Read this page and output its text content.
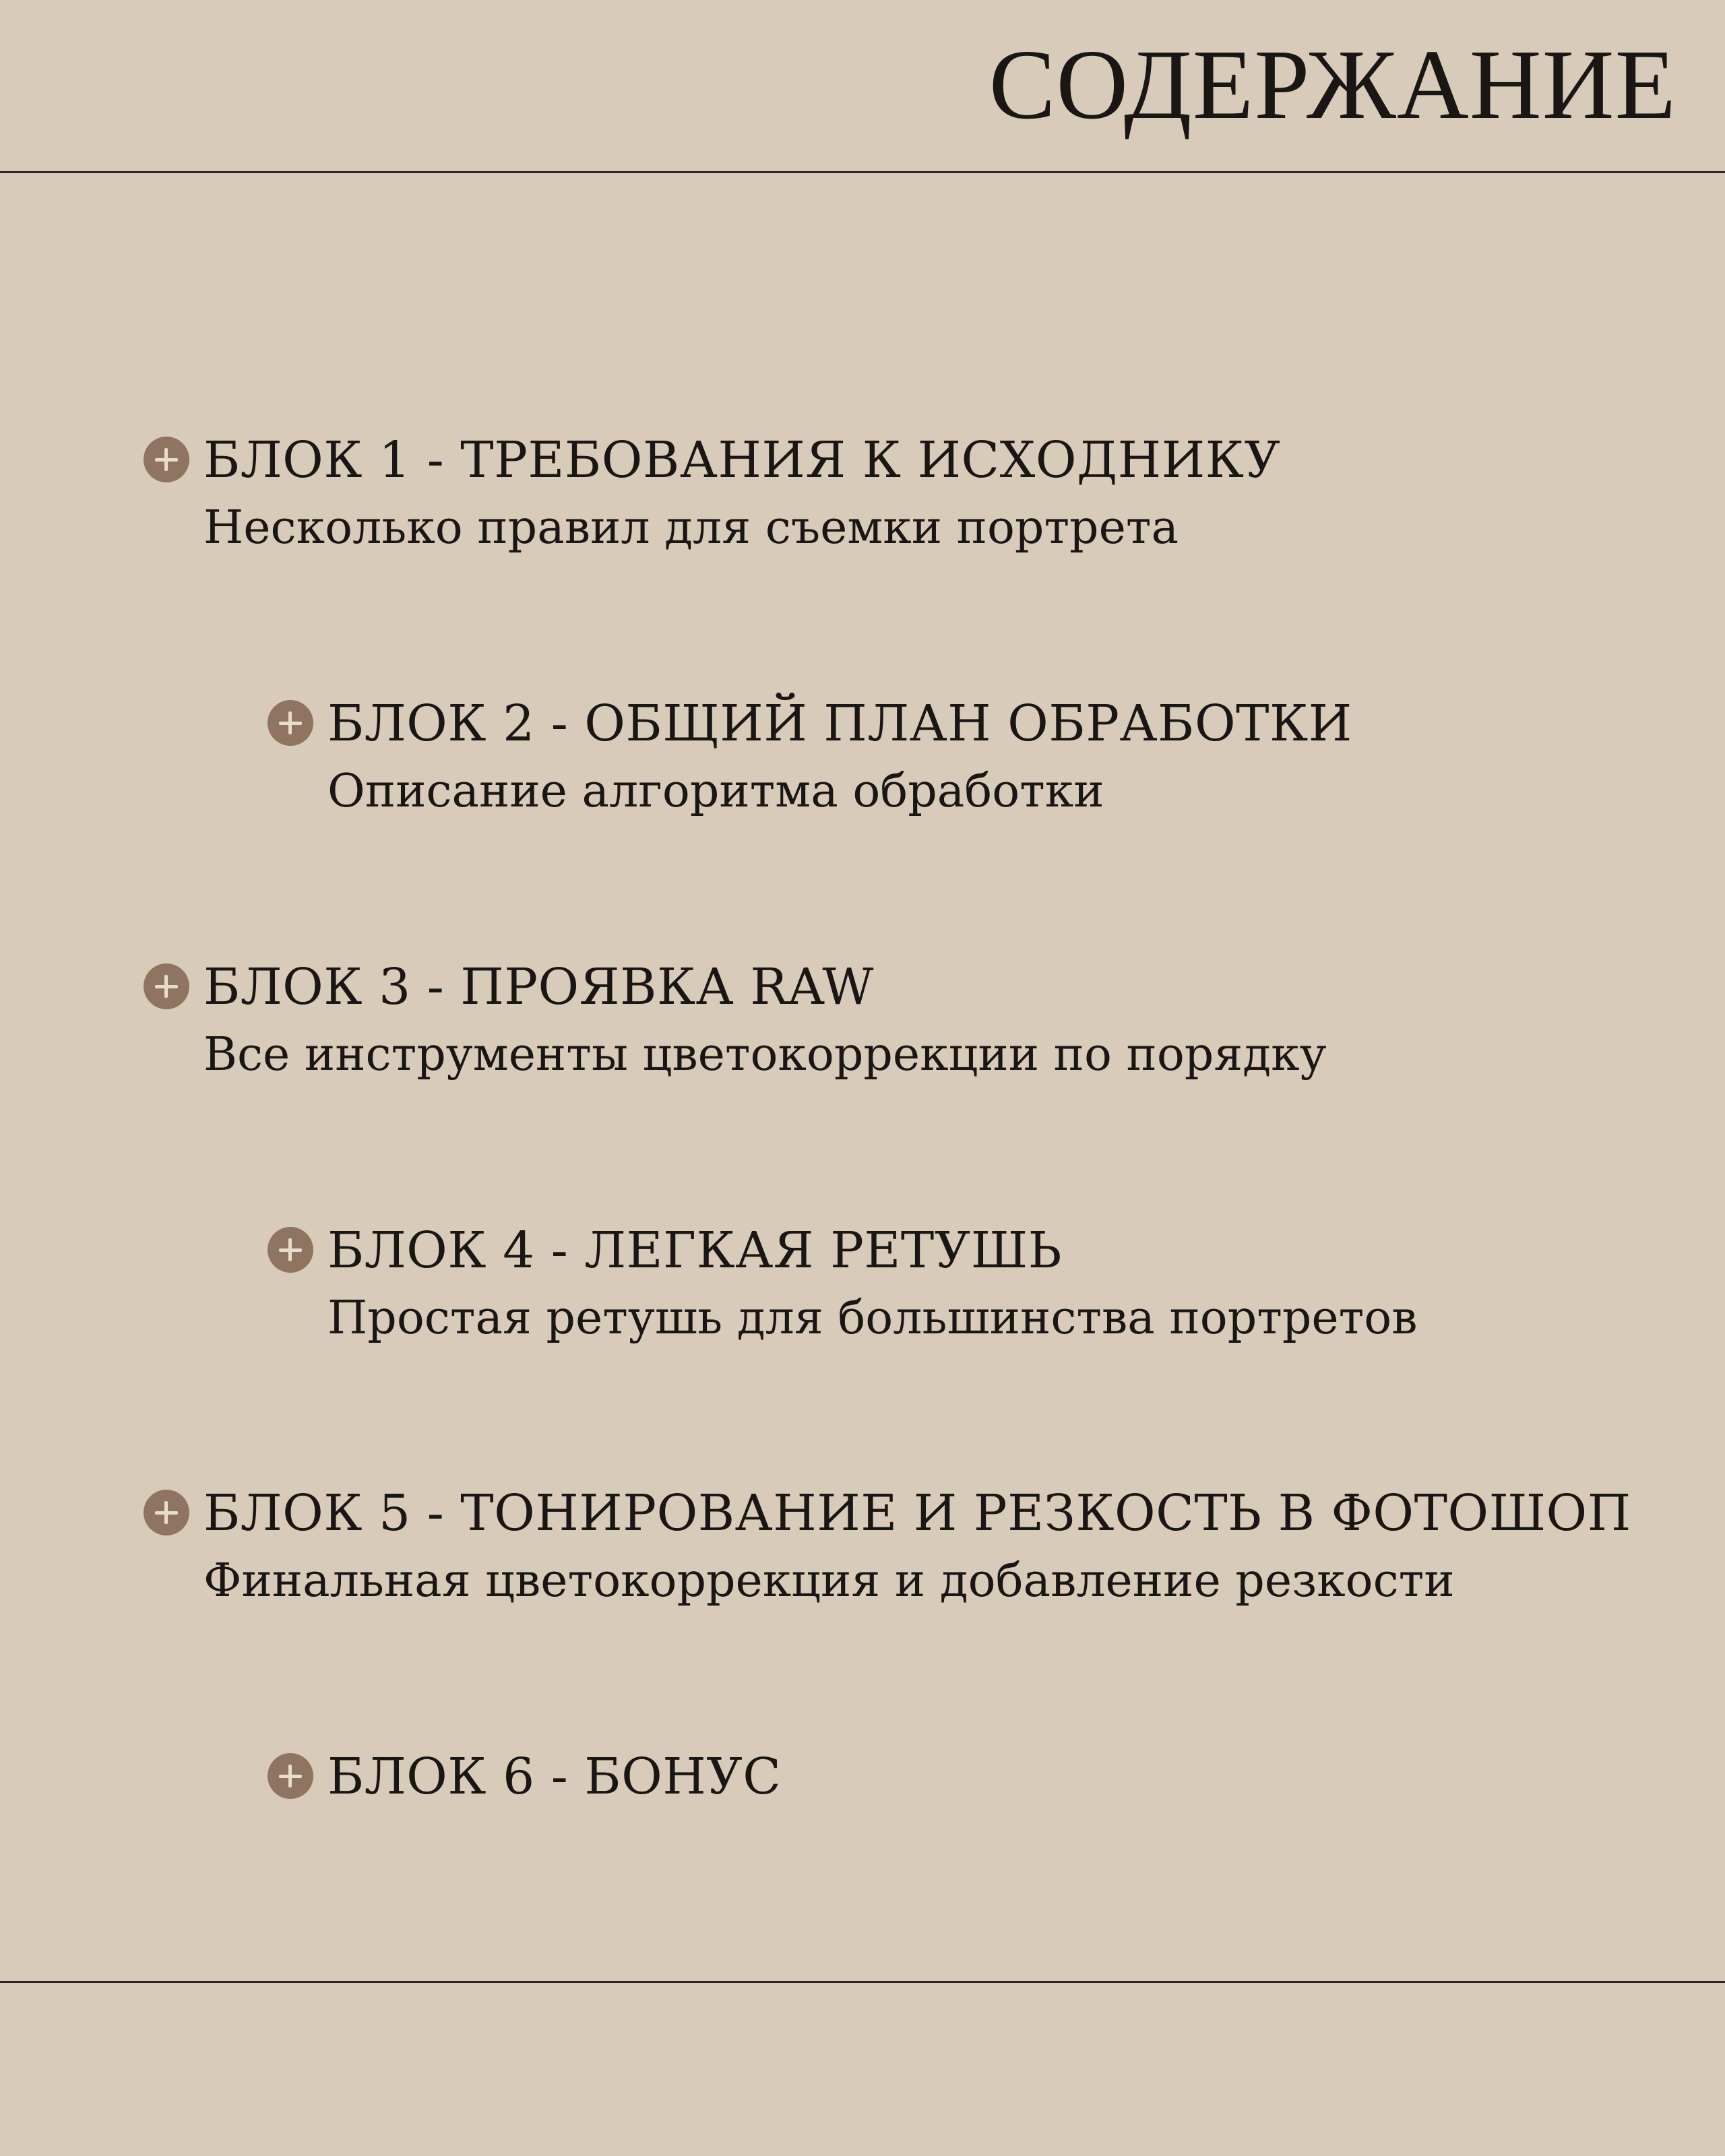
СОДЕРЖАНИЕ
БЛОК 1 - ТРЕБОВАНИЯ К ИСХОДНИКУ
Несколько правил для съемки портрета
БЛОК 2 - ОБЩИЙ ПЛАН ОБРАБОТКИ
Описание алгоритма обработки
БЛОК 3 - ПРОЯВКА RAW
Все инструменты цветокоррекции по порядку
БЛОК 4 - ЛЕГКАЯ РЕТУШЬ
Простая ретушь для большинства портретов
БЛОК 5 - ТОНИРОВАНИЕ И РЕЗКОСТЬ В ФОТОШОП
Финальная цветокоррекция и добавление резкости
БЛОК 6 - БОНУС
